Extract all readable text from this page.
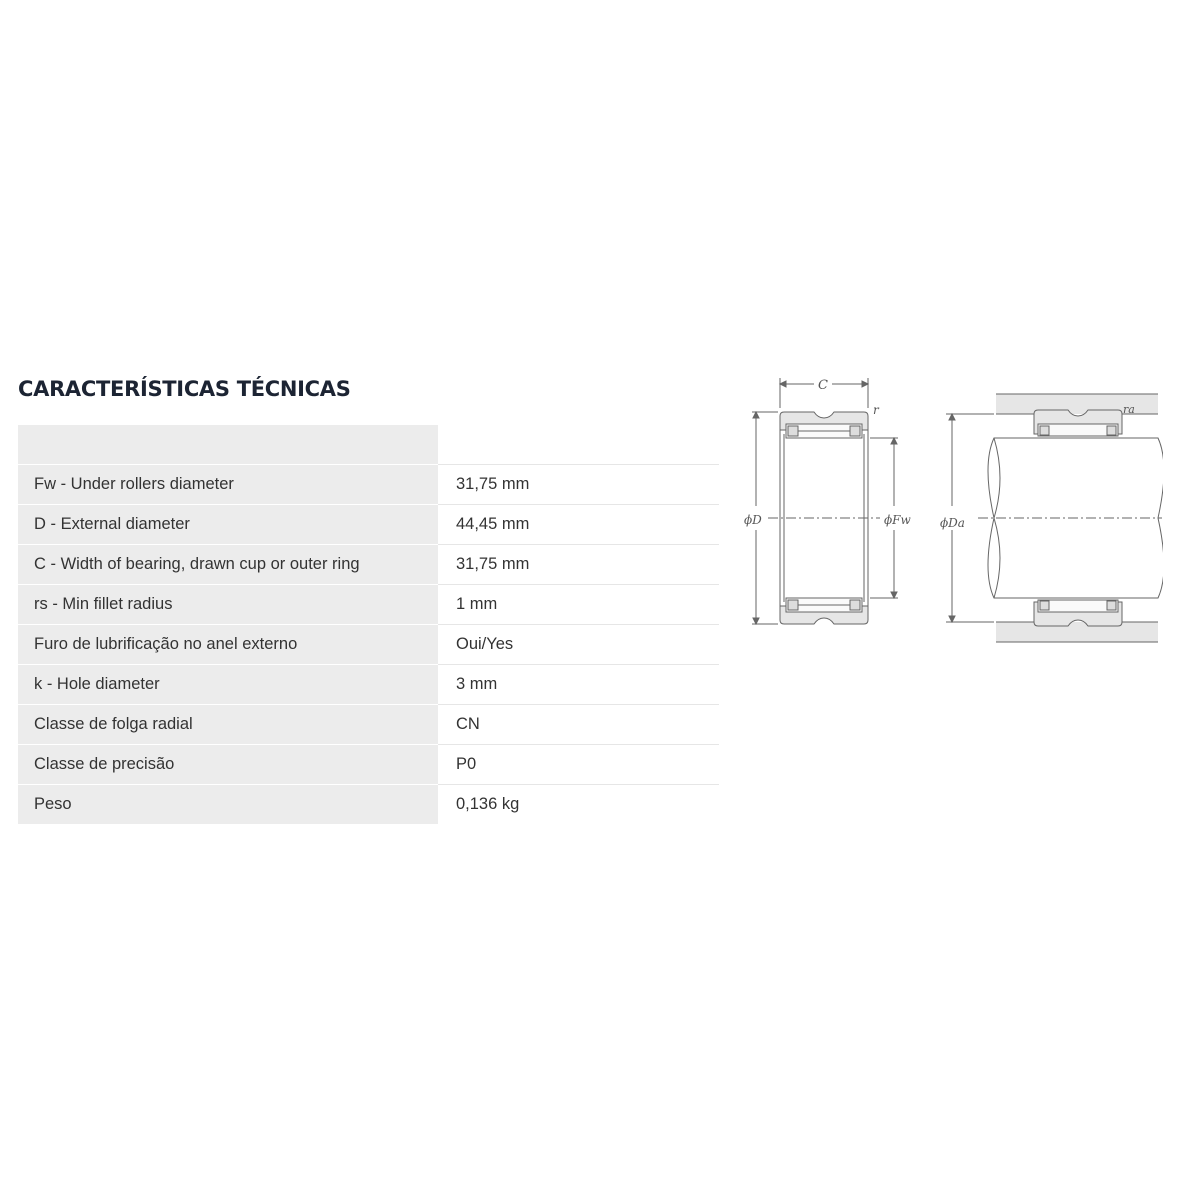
CARACTERÍSTICAS TÉCNICAS

Fw - Under rollers diameter	31,75 mm
D - External diameter	44,45 mm
C - Width of bearing, drawn cup or outer ring	31,75 mm
rs - Min fillet radius	1 mm
Furo de lubrificação no anel externo	Oui/Yes
k - Hole diameter	3 mm
Classe de folga radial	CN
Classe de precisão	P0
Peso	0,136 kg
C
r
ϕD	ϕFw ϕDa
ra
